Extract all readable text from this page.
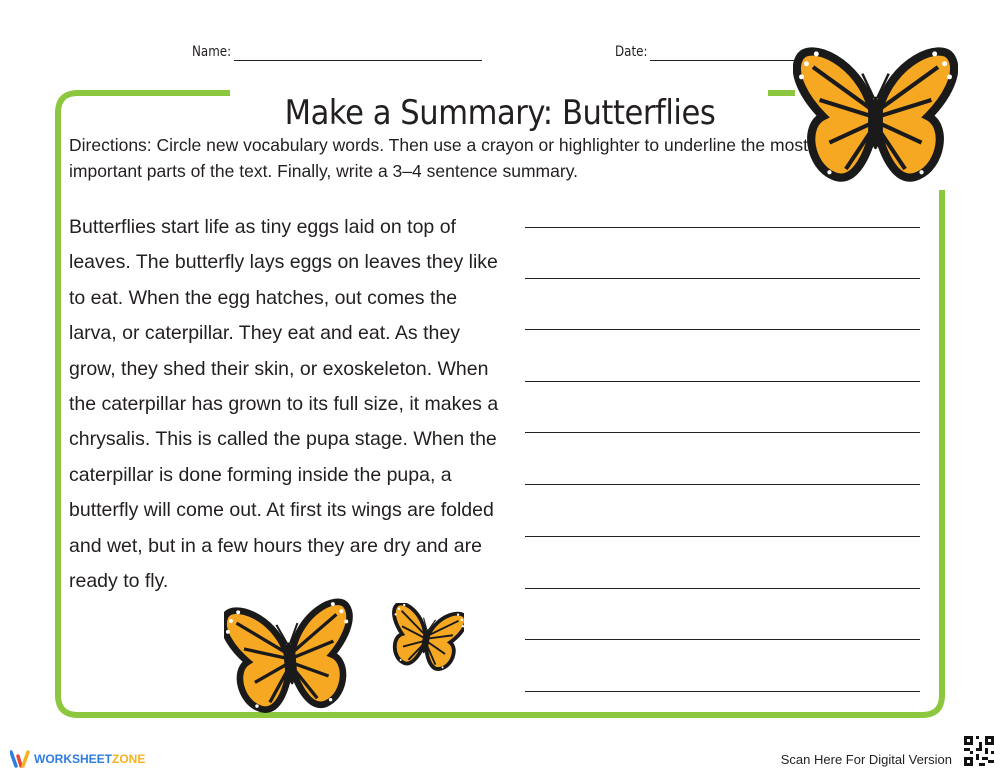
Name:	Date:
Make a Summary: Butterflies
Directions: Circle new vocabulary words. Then use a crayon or highlighter to underline the most important parts of the text. Finally, write a 3–4 sentence summary.
Butterflies start life as tiny eggs laid on top of leaves. The butterfly lays eggs on leaves they like to eat. When the egg hatches, out comes the larva, or caterpillar. They eat and eat. As they grow, they shed their skin, or exoskeleton. When the caterpillar has grown to its full size, it makes a chrysalis. This is called the pupa stage. When the caterpillar is done forming inside the pupa, a butterfly will come out. At first its wings are folded and wet, but in a few hours they are dry and are ready to fly.
WORKSHEETZONE	Scan Here For Digital Version
